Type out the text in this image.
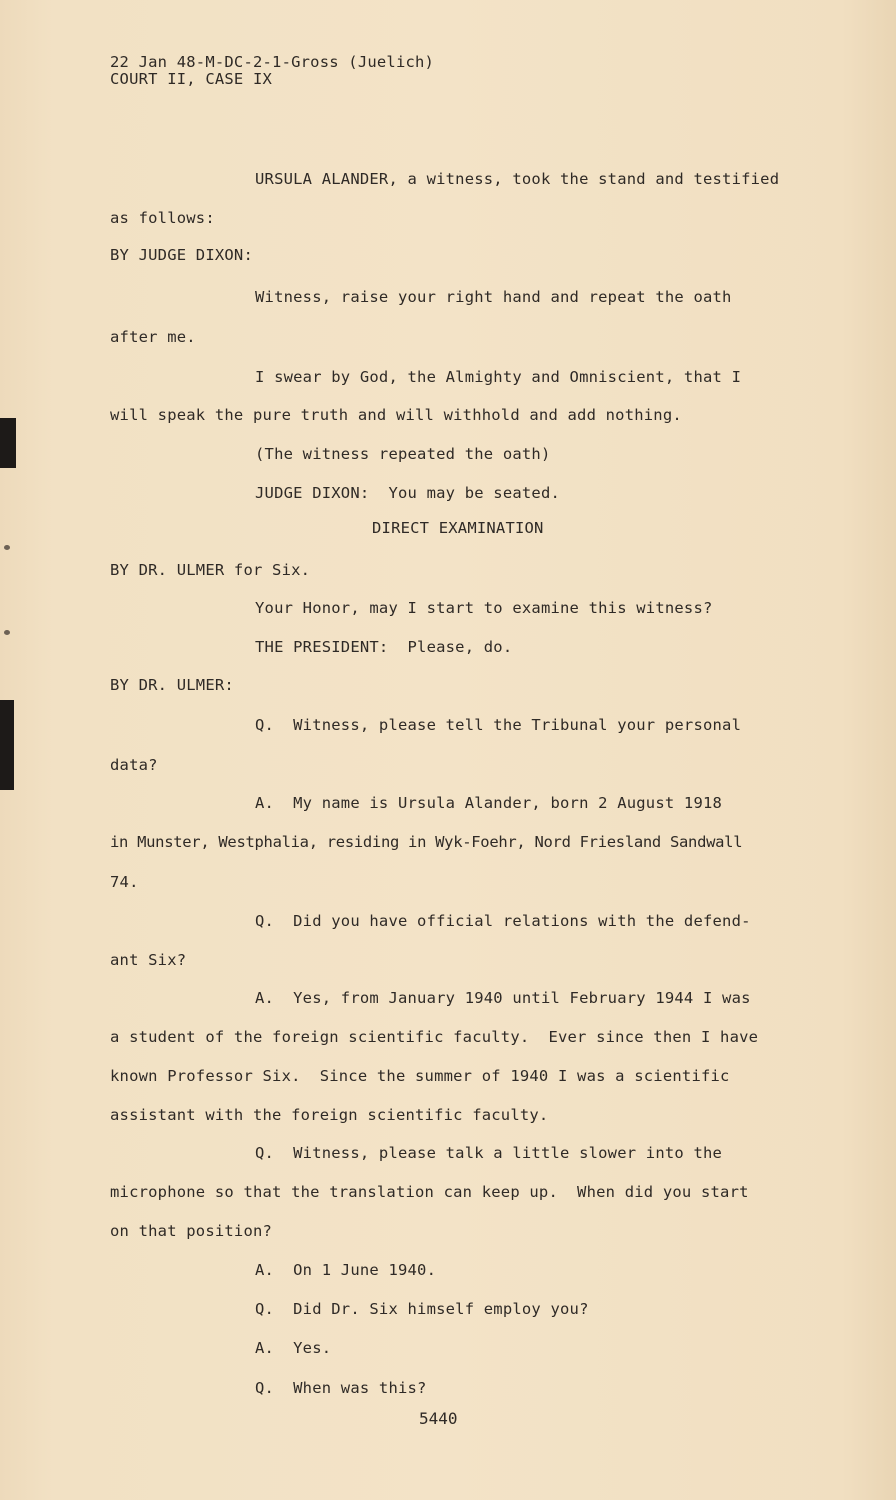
22 Jan 48-M-DC-2-1-Gross (Juelich)
COURT II, CASE IX
URSULA ALANDER, a witness, took the stand and testified
as follows:
BY JUDGE DIXON:
Witness, raise your right hand and repeat the oath
after me.
I swear by God, the Almighty and Omniscient, that I
will speak the pure truth and will withhold and add nothing.
(The witness repeated the oath)
JUDGE DIXON:  You may be seated.
DIRECT EXAMINATION
BY DR. ULMER for Six.
Your Honor, may I start to examine this witness?
THE PRESIDENT:  Please, do.
BY DR. ULMER:
Q.  Witness, please tell the Tribunal your personal
data?
A.  My name is Ursula Alander, born 2 August 1918
in Munster, Westphalia, residing in Wyk-Foehr, Nord Friesland Sandwall
74.
Q.  Did you have official relations with the defend-
ant Six?
A.  Yes, from January 1940 until February 1944 I was
a student of the foreign scientific faculty.  Ever since then I have
known Professor Six.  Since the summer of 1940 I was a scientific
assistant with the foreign scientific faculty.
Q.  Witness, please talk a little slower into the
microphone so that the translation can keep up.  When did you start
on that position?
A.  On 1 June 1940.
Q.  Did Dr. Six himself employ you?
A.  Yes.
Q.  When was this?
5440
